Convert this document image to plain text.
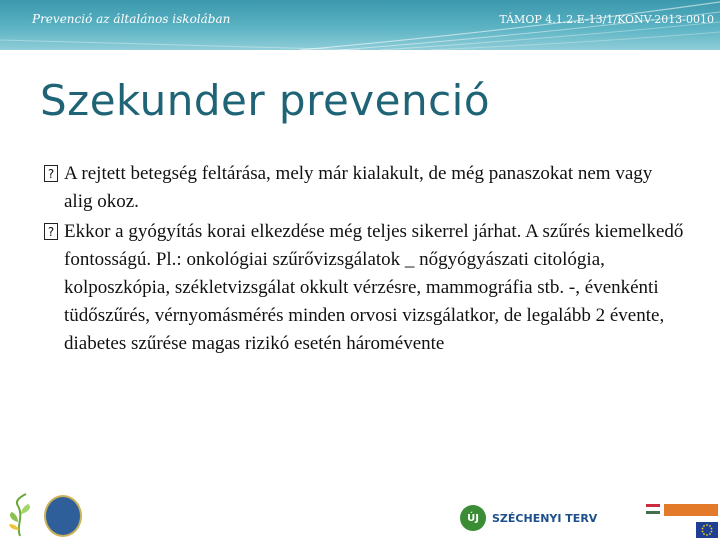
Prevenció az általános iskolában	TÁMOP 4.1.2.E-13/1/KONV-2013-0010
Szekunder prevenció
? A rejtett betegség feltárása, mely már kialakult, de még panaszokat nem vagy alig okoz.
? Ekkor a gyógyítás korai elkezdése még teljes sikerrel járhat. A szűrés kiemelkedő fontosságú. Pl.: onkológiai szűrővizsgálatok _ nőgyógyászati citológia, kolposzkópia, székletvizsgálat okkult vérzésre, mammográfia stb. -, évenkénti tüdőszűrés, vérnyomásmérés minden orvosi vizsgálatkor, de legalább 2 évente, diabetes szűrése magas rizikó esetén háromévente
ÚJ	SZÉCHENYI TERV
